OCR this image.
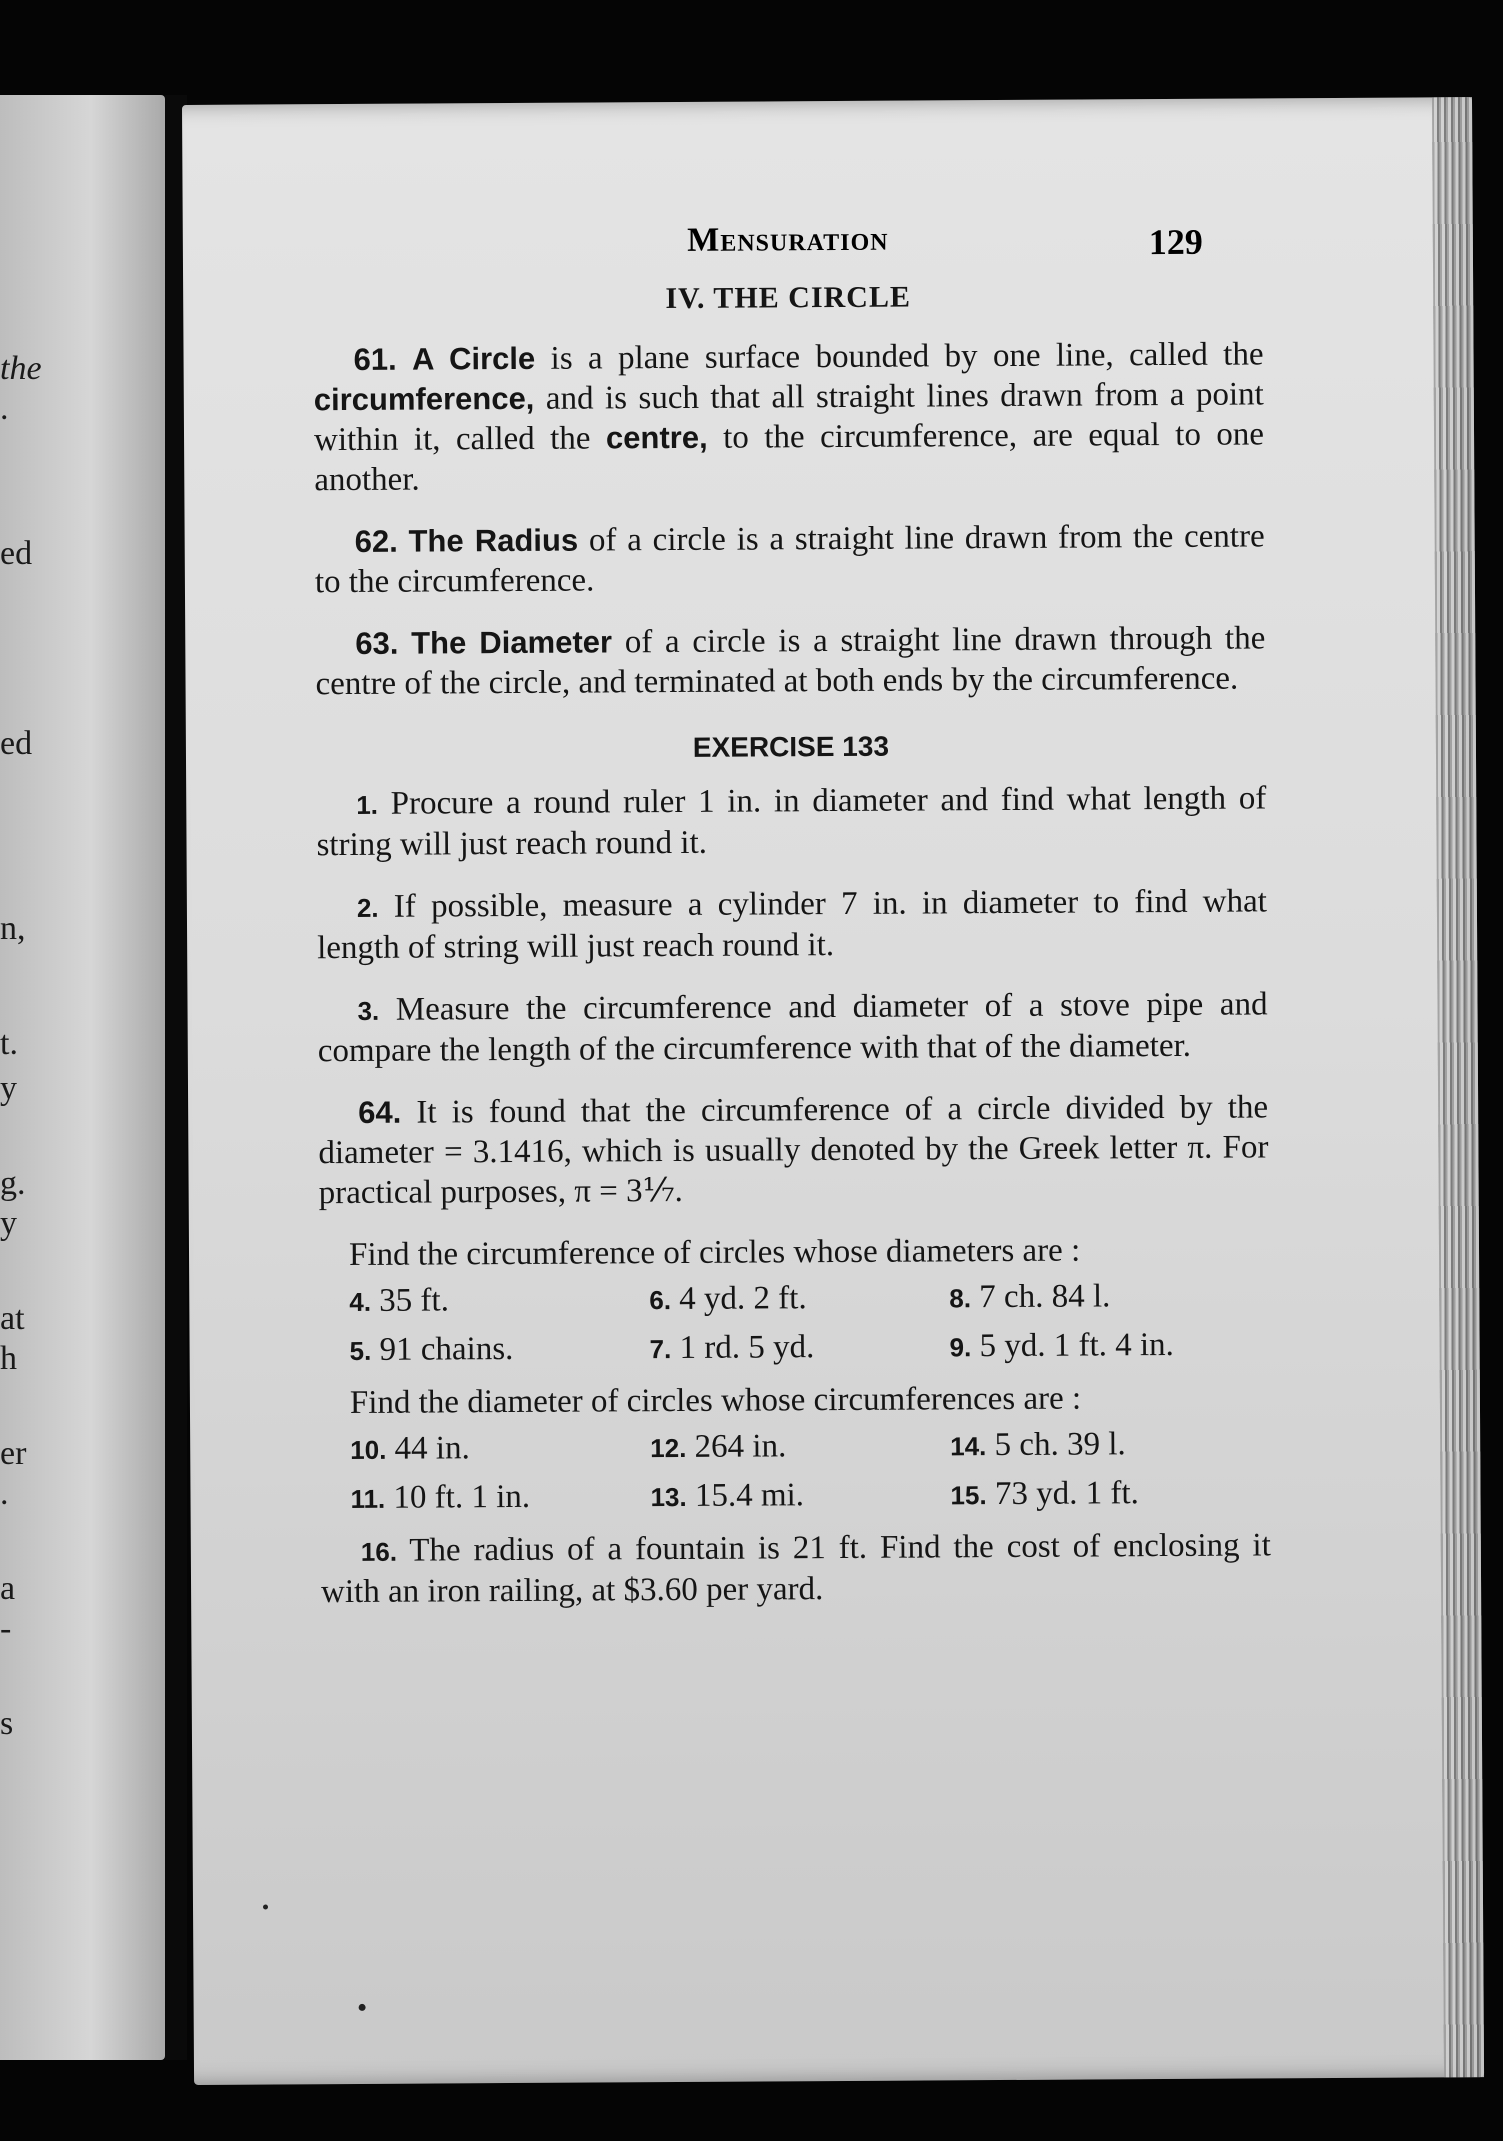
the
.
ed
ed
n,
t.
y
g.
y
at
h
er
.
a
-
s
Mensuration	129
IV. THE CIRCLE

61. A Circle is a plane surface bounded by one line, called the circumference, and is such that all straight lines drawn from a point within it, called the centre, to the circumference, are equal to one another.

62. The Radius of a circle is a straight line drawn from the centre to the circumference.

63. The Diameter of a circle is a straight line drawn through the centre of the circle, and terminated at both ends by the circumference.

EXERCISE 133

1. Procure a round ruler 1 in. in diameter and find what length of string will just reach round it.

2. If possible, measure a cylinder 7 in. in diameter to find what length of string will just reach round it.

3. Measure the circumference and diameter of a stove pipe and compare the length of the circumference with that of the diameter.

64. It is found that the circumference of a circle divided by the diameter = 3.1416, which is usually denoted by the Greek letter π. For practical purposes, π = 3⅐.

Find the circumference of circles whose diameters are :

4. 35 ft.	6. 4 yd. 2 ft.	8. 7 ch. 84 l.
5. 91 chains.	7. 1 rd. 5 yd.	9. 5 yd. 1 ft. 4 in.

Find the diameter of circles whose circumferences are :

10. 44 in.	12. 264 in.	14. 5 ch. 39 l.
11. 10 ft. 1 in.	13. 15.4 mi.	15. 73 yd. 1 ft.

16. The radius of a fountain is 21 ft. Find the cost of enclosing it with an iron railing, at $3.60 per yard.
